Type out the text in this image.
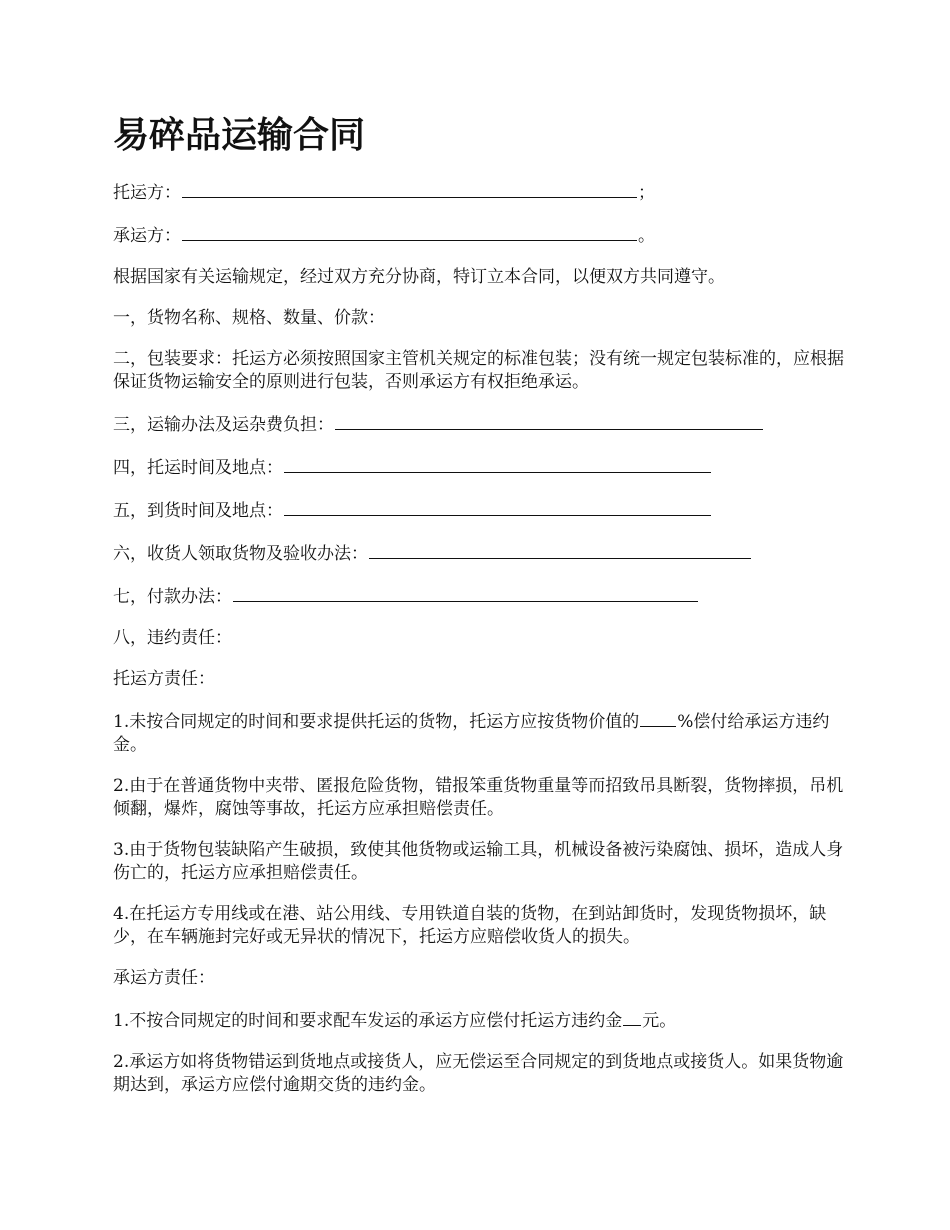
易碎品运输合同
托运方：	；
承运方：	。
根据国家有关运输规定，经过双方充分协商，特订立本合同，以便双方共同遵守。
一，货物名称、规格、数量、价款：
二，包装要求：托运方必须按照国家主管机关规定的标准包装；没有统一规定包装标准的，应根据保证货物运输安全的原则进行包装，否则承运方有权拒绝承运。
三，运输办法及运杂费负担：
四，托运时间及地点：
五，到货时间及地点：
六，收货人领取货物及验收办法：
七，付款办法：
八，违约责任：
托运方责任：
1.未按合同规定的时间和要求提供托运的货物，托运方应按货物价值的 %偿付给承运方违约金。
2.由于在普通货物中夹带、匿报危险货物，错报笨重货物重量等而招致吊具断裂，货物摔损，吊机倾翻，爆炸，腐蚀等事故，托运方应承担赔偿责任。
3.由于货物包装缺陷产生破损，致使其他货物或运输工具，机械设备被污染腐蚀、损坏，造成人身伤亡的，托运方应承担赔偿责任。
4.在托运方专用线或在港、站公用线、专用铁道自装的货物，在到站卸货时，发现货物损坏，缺少，在车辆施封完好或无异状的情况下，托运方应赔偿收货人的损失。
承运方责任：
1.不按合同规定的时间和要求配车发运的承运方应偿付托运方违约金 元。
2.承运方如将货物错运到货地点或接货人，应无偿运至合同规定的到货地点或接货人。如果货物逾期达到，承运方应偿付逾期交货的违约金。
